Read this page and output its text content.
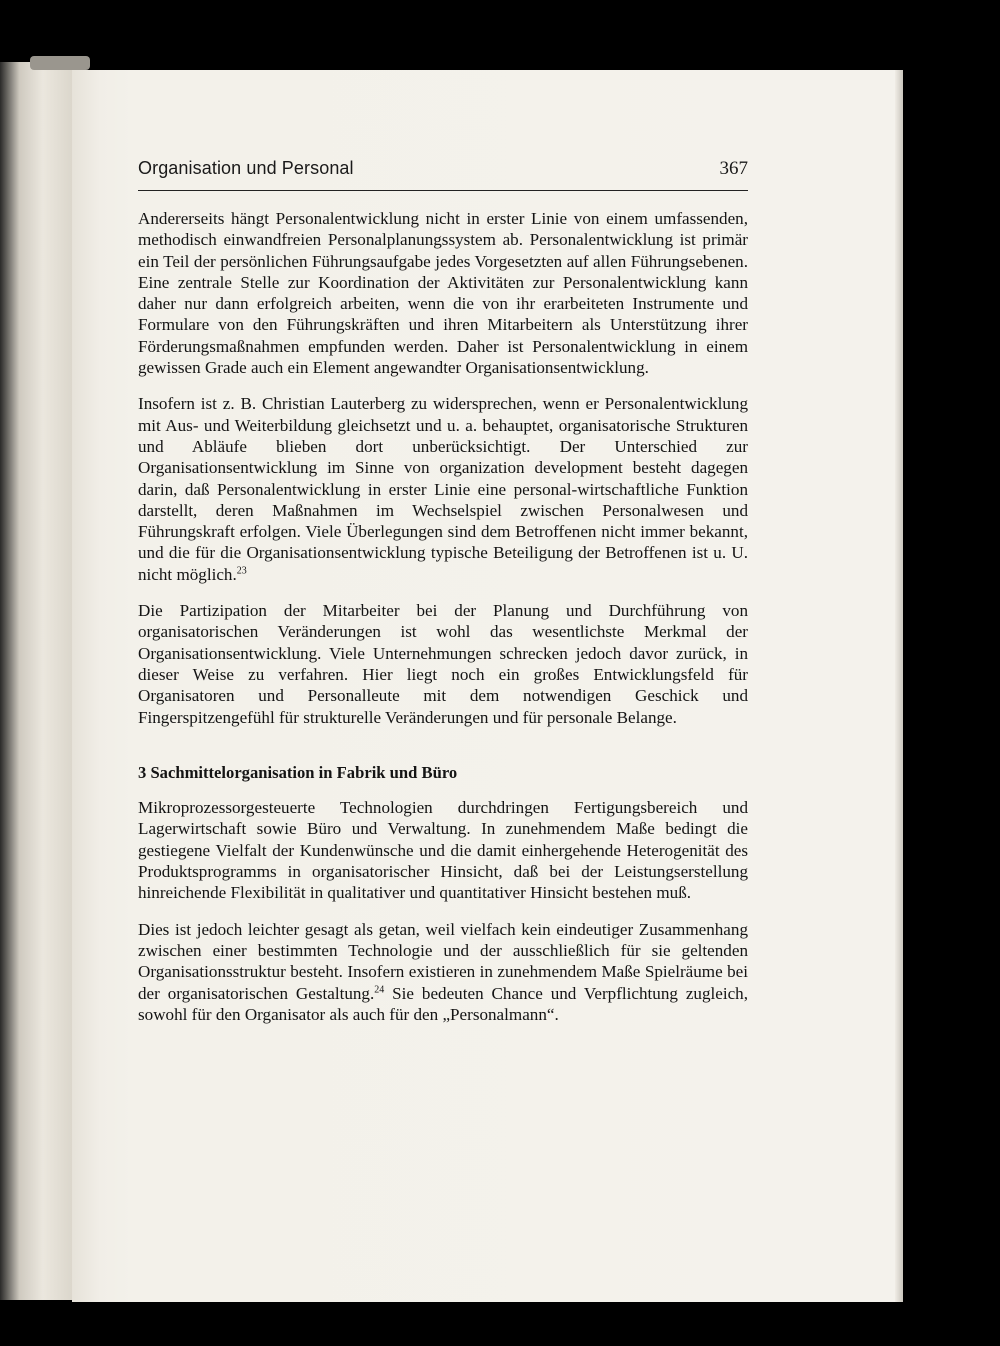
Organisation und Personal	367

Andererseits hängt Personalentwicklung nicht in erster Linie von einem umfassenden, methodisch einwandfreien Personalplanungssystem ab. Personalentwicklung ist primär ein Teil der persönlichen Führungsaufgabe jedes Vorgesetzten auf allen Führungsebenen. Eine zentrale Stelle zur Koordination der Aktivitäten zur Personalentwicklung kann daher nur dann erfolgreich arbeiten, wenn die von ihr erarbeiteten Instrumente und Formulare von den Führungskräften und ihren Mitarbeitern als Unterstützung ihrer Förderungsmaßnahmen empfunden werden. Daher ist Personalentwicklung in einem gewissen Grade auch ein Element angewandter Organisationsentwicklung.

Insofern ist z. B. Christian Lauterberg zu widersprechen, wenn er Personalentwicklung mit Aus- und Weiterbildung gleichsetzt und u. a. behauptet, organisatorische Strukturen und Abläufe blieben dort unberücksichtigt. Der Unterschied zur Organisationsentwicklung im Sinne von organization development besteht dagegen darin, daß Personalentwicklung in erster Linie eine personal-wirtschaftliche Funktion darstellt, deren Maßnahmen im Wechselspiel zwischen Personalwesen und Führungskraft erfolgen. Viele Überlegungen sind dem Betroffenen nicht immer bekannt, und die für die Organisationsentwicklung typische Beteiligung der Betroffenen ist u. U. nicht möglich.$^{23}$

Die Partizipation der Mitarbeiter bei der Planung und Durchführung von organisatorischen Veränderungen ist wohl das wesentlichste Merkmal der Organisationsentwicklung. Viele Unternehmungen schrecken jedoch davor zurück, in dieser Weise zu verfahren. Hier liegt noch ein großes Entwicklungsfeld für Organisatoren und Personalleute mit dem notwendigen Geschick und Fingerspitzengefühl für strukturelle Veränderungen und für personale Belange.

3 Sachmittelorganisation in Fabrik und Büro

Mikroprozessorgesteuerte Technologien durchdringen Fertigungsbereich und Lagerwirtschaft sowie Büro und Verwaltung. In zunehmendem Maße bedingt die gestiegene Vielfalt der Kundenwünsche und die damit einhergehende Heterogenität des Produktsprogramms in organisatorischer Hinsicht, daß bei der Leistungserstellung hinreichende Flexibilität in qualitativer und quantitativer Hinsicht bestehen muß.

Dies ist jedoch leichter gesagt als getan, weil vielfach kein eindeutiger Zusammenhang zwischen einer bestimmten Technologie und der ausschließlich für sie geltenden Organisationsstruktur besteht. Insofern existieren in zunehmendem Maße Spielräume bei der organisatorischen Gestaltung.$^{24}$ Sie bedeuten Chance und Verpflichtung zugleich, sowohl für den Organisator als auch für den „Personalmann“.
